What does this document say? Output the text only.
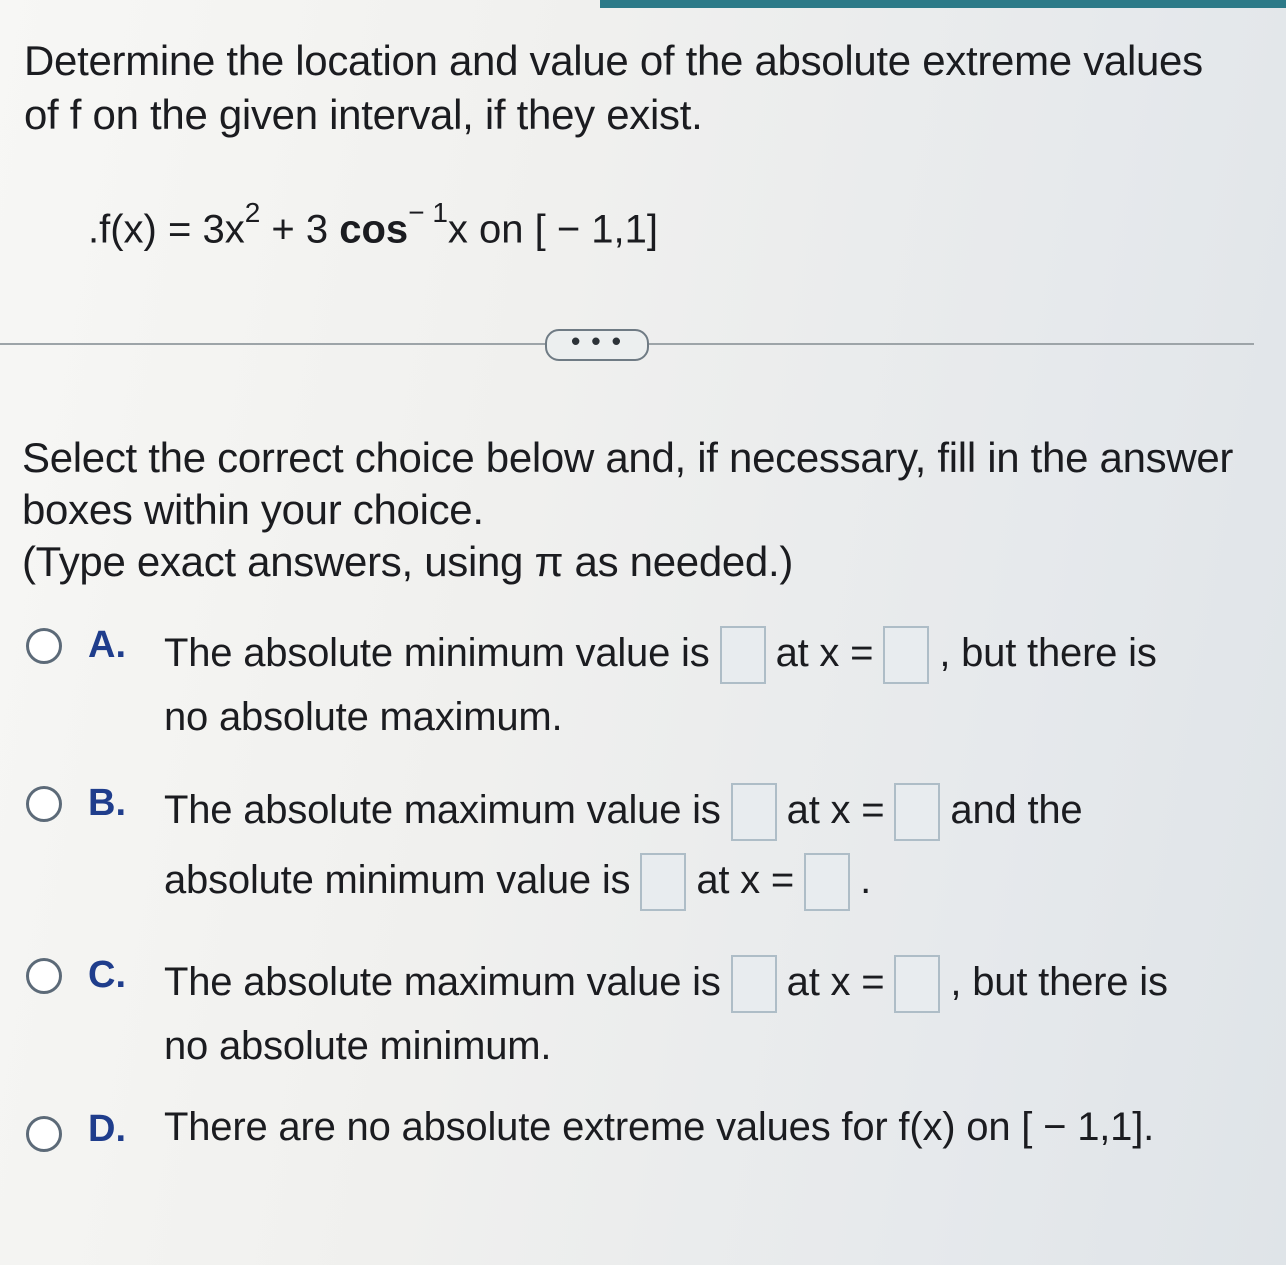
Determine the location and value of the absolute extreme values of f on the given interval, if they exist.
$.f(x) = 3x^2 + 3$ $\cos^{- 1}x$ on [ − 1,1]
• • •
Select the correct choice below and, if necessary, fill in the answer boxes within your choice.
(Type exact answers, using π as needed.)
A. The absolute minimum value is at x = , but there is
no absolute maximum.
B. The absolute maximum value is at x = and the
absolute minimum value is at x = .
C. The absolute maximum value is at x = , but there is
no absolute minimum.
D. There are no absolute extreme values for f(x) on [ − 1,1].
